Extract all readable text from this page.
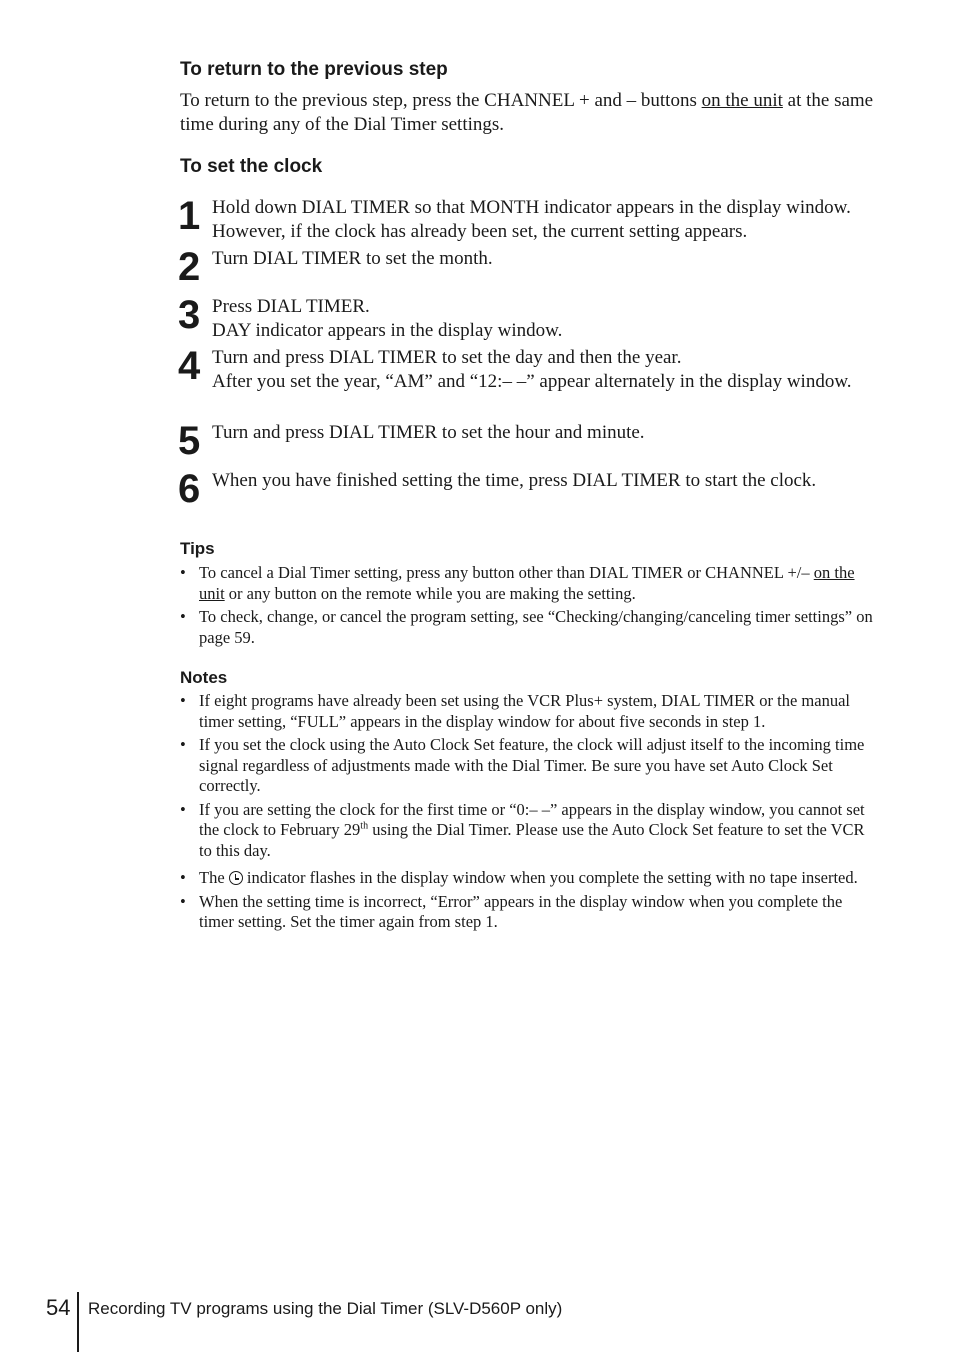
To return to the previous step

To return to the previous step, press the CHANNEL + and – buttons on the unit at the same time during any of the Dial Timer settings.

To set the clock
1 Hold down DIAL TIMER so that MONTH indicator appears in the display window. However, if the clock has already been set, the current setting appears.
2 Turn DIAL TIMER to set the month.
3 Press DIAL TIMER.
DAY indicator appears in the display window.
4 Turn and press DIAL TIMER to set the day and then the year.
After you set the year, “AM” and “12:– –” appear alternately in the display window.
5 Turn and press DIAL TIMER to set the hour and minute.
6 When you have finished setting the time, press DIAL TIMER to start the clock.
Tips
• To cancel a Dial Timer setting, press any button other than DIAL TIMER or CHANNEL +/– on the unit or any button on the remote while you are making the setting.
• To check, change, or cancel the program setting, see “Checking/changing/canceling timer settings” on page 59.
Notes
• If eight programs have already been set using the VCR Plus+ system, DIAL TIMER or the manual timer setting, “FULL” appears in the display window for about five seconds in step 1.
• If you set the clock using the Auto Clock Set feature, the clock will adjust itself to the incoming time signal regardless of adjustments made with the Dial Timer. Be sure you have set Auto Clock Set correctly.
• If you are setting the clock for the first time or “0:– –” appears in the display window, you cannot set the clock to February 29th using the Dial Timer. Please use the Auto Clock Set feature to set the VCR to this day.
• The  indicator flashes in the display window when you complete the setting with no tape inserted.
• When the setting time is incorrect, “Error” appears in the display window when you complete the timer setting. Set the timer again from step 1.
54 Recording TV programs using the Dial Timer (SLV-D560P only)
